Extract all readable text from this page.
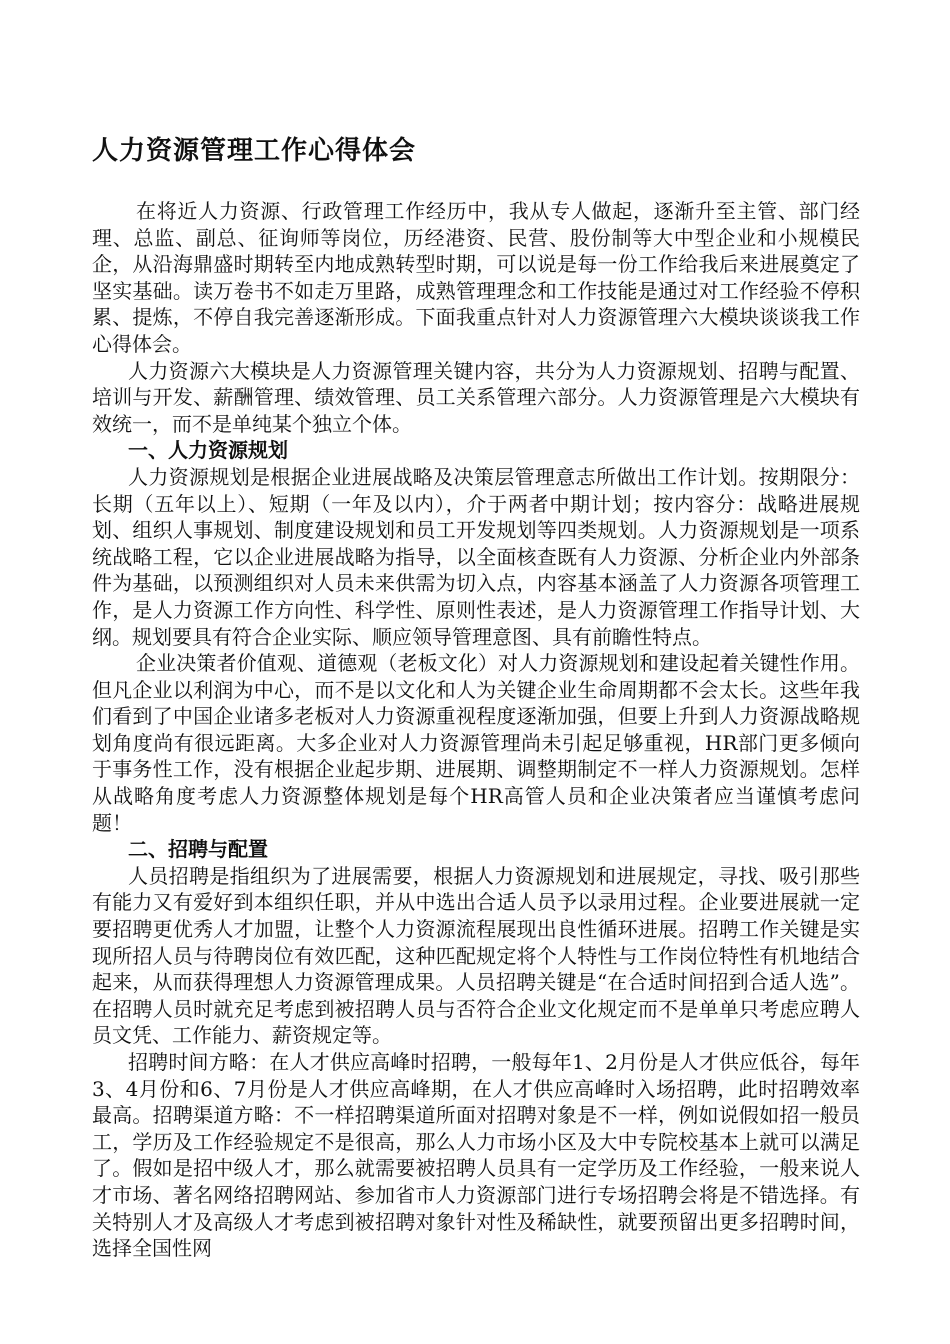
人力资源管理工作心得体会

在将近人力资源、行政管理工作经历中，我从专人做起，逐渐升至主管、部门经理、总监、副总、征询师等岗位，历经港资、民营、股份制等大中型企业和小规模民企，从沿海鼎盛时期转至内地成熟转型时期，可以说是每一份工作给我后来进展奠定了坚实基础。读万卷书不如走万里路，成熟管理理念和工作技能是通过对工作经验不停积累、提炼，不停自我完善逐渐形成。下面我重点针对人力资源管理六大模块谈谈我工作心得体会。

人力资源六大模块是人力资源管理关键内容，共分为人力资源规划、招聘与配置、培训与开发、薪酬管理、绩效管理、员工关系管理六部分。人力资源管理是六大模块有效统一，而不是单纯某个独立个体。

一、人力资源规划

人力资源规划是根据企业进展战略及决策层管理意志所做出工作计划。按期限分：长期（五年以上）、短期（一年及以内），介于两者中期计划；按内容分：战略进展规划、组织人事规划、制度建设规划和员工开发规划等四类规划。人力资源规划是一项系统战略工程，它以企业进展战略为指导，以全面核查既有人力资源、分析企业内外部条件为基础，以预测组织对人员未来供需为切入点，内容基本涵盖了人力资源各项管理工作，是人力资源工作方向性、科学性、原则性表述，是人力资源管理工作指导计划、大纲。规划要具有符合企业实际、顺应领导管理意图、具有前瞻性特点。

企业决策者价值观、道德观（老板文化）对人力资源规划和建设起着关键性作用。但凡企业以利润为中心，而不是以文化和人为关键企业生命周期都不会太长。这些年我们看到了中国企业诸多老板对人力资源重视程度逐渐加强，但要上升到人力资源战略规划角度尚有很远距离。大多企业对人力资源管理尚未引起足够重视，HR部门更多倾向于事务性工作，没有根据企业起步期、进展期、调整期制定不一样人力资源规划。怎样从战略角度考虑人力资源整体规划是每个HR高管人员和企业决策者应当谨慎考虑问题！

二、招聘与配置

人员招聘是指组织为了进展需要，根据人力资源规划和进展规定，寻找、吸引那些有能力又有爱好到本组织任职，并从中选出合适人员予以录用过程。企业要进展就一定要招聘更优秀人才加盟，让整个人力资源流程展现出良性循环进展。招聘工作关键是实现所招人员与待聘岗位有效匹配，这种匹配规定将个人特性与工作岗位特性有机地结合起来，从而获得理想人力资源管理成果。人员招聘关键是“在合适时间招到合适人选”。在招聘人员时就充足考虑到被招聘人员与否符合企业文化规定而不是单单只考虑应聘人员文凭、工作能力、薪资规定等。

招聘时间方略：在人才供应高峰时招聘，一般每年1、2月份是人才供应低谷，每年3、4月份和6、7月份是人才供应高峰期，在人才供应高峰时入场招聘，此时招聘效率最高。招聘渠道方略：不一样招聘渠道所面对招聘对象是不一样，例如说假如招一般员工，学历及工作经验规定不是很高，那么人力市场小区及大中专院校基本上就可以满足了。假如是招中级人才，那么就需要被招聘人员具有一定学历及工作经验，一般来说人才市场、著名网络招聘网站、参加省市人力资源部门进行专场招聘会将是不错选择。有关特别人才及高级人才考虑到被招聘对象针对性及稀缺性，就要预留出更多招聘时间，选择全国性网
